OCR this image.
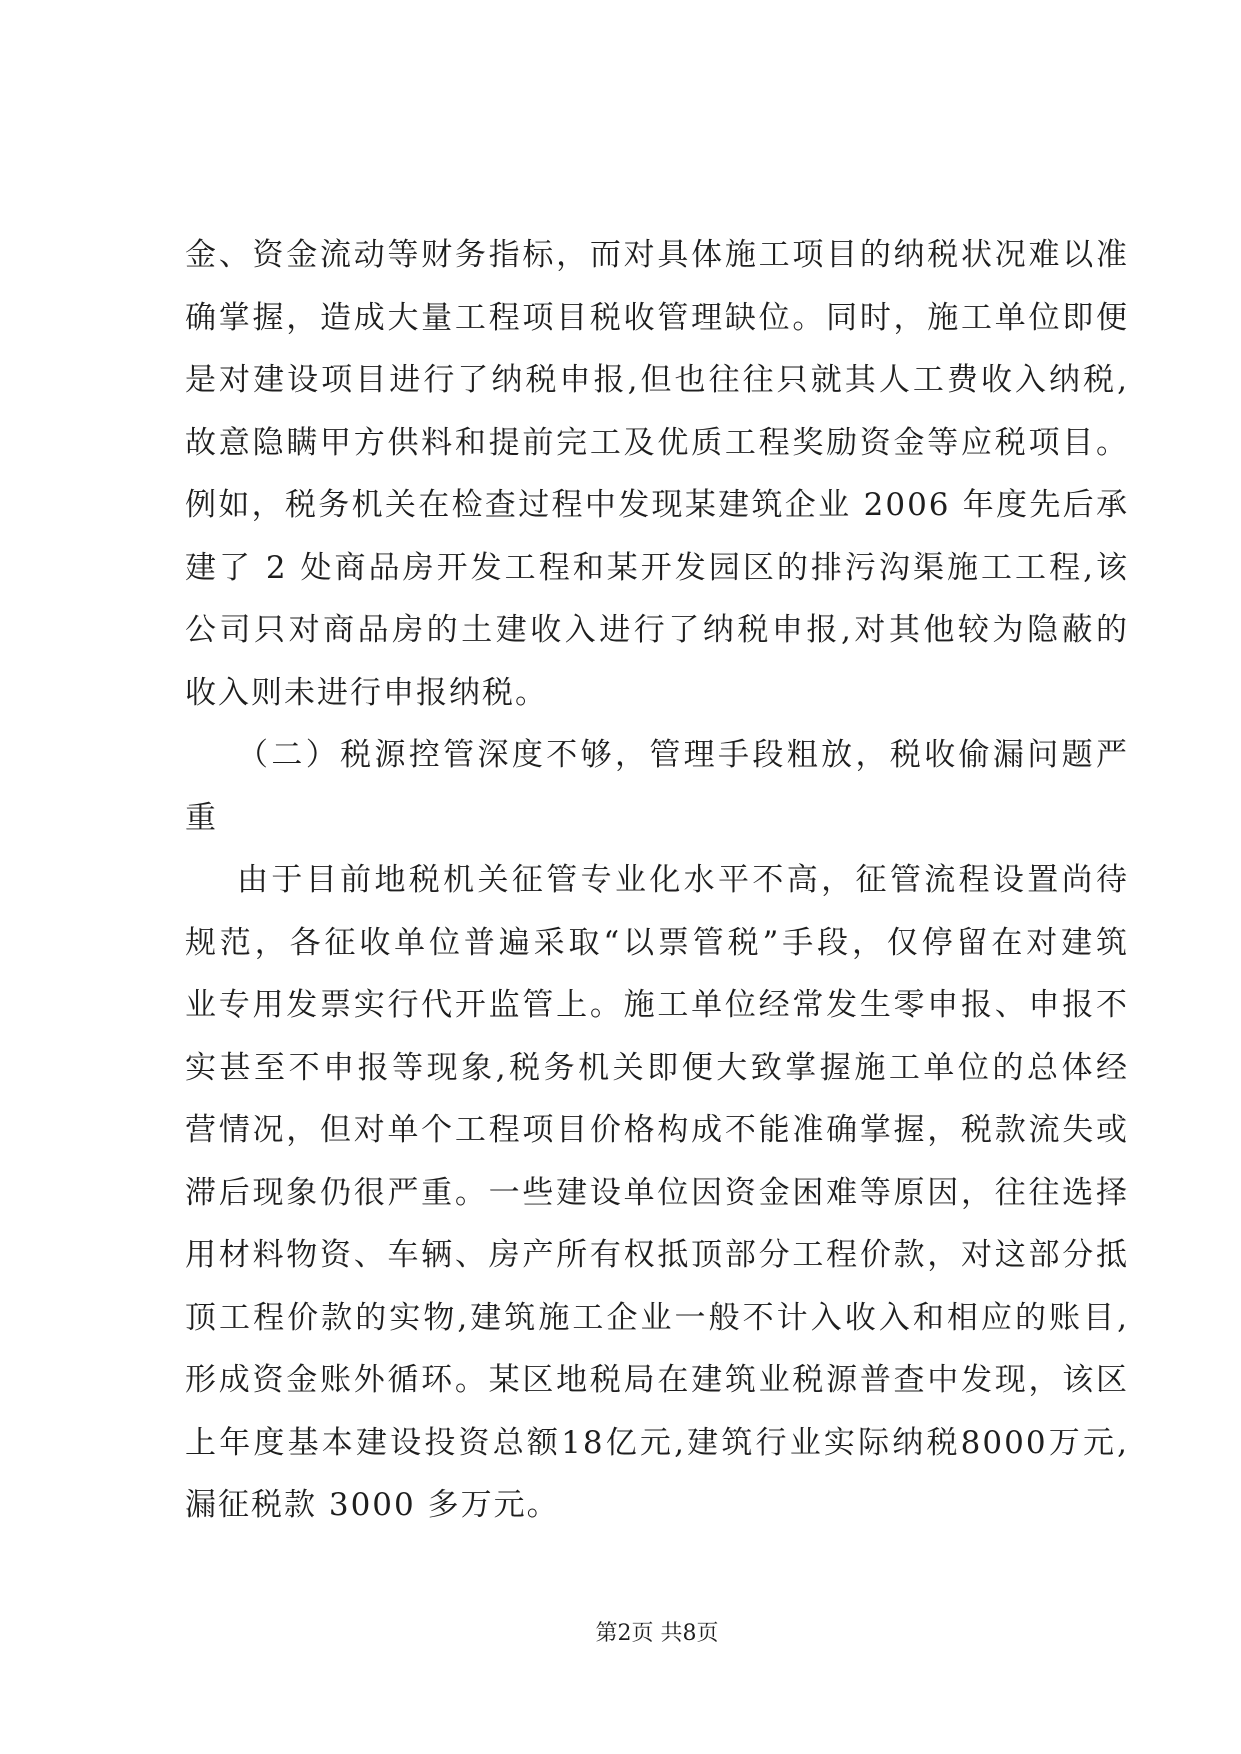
金、资金流动等财务指标，而对具体施工项目的纳税状况难以准
确掌握，造成大量工程项目税收管理缺位。同时，施工单位即便
是对建设项目进行了纳税申报,但也往往只就其人工费收入纳税,
故意隐瞒甲方供料和提前完工及优质工程奖励资金等应税项目。
例如，税务机关在检查过程中发现某建筑企业 2006 年度先后承
建了 2 处商品房开发工程和某开发园区的排污沟渠施工工程,该
公司只对商品房的土建收入进行了纳税申报,对其他较为隐蔽的
收入则未进行申报纳税。
（二）税源控管深度不够，管理手段粗放，税收偷漏问题严
重
由于目前地税机关征管专业化水平不高，征管流程设置尚待
规范，各征收单位普遍采取“以票管税”手段，仅停留在对建筑
业专用发票实行代开监管上。施工单位经常发生零申报、申报不
实甚至不申报等现象,税务机关即便大致掌握施工单位的总体经
营情况，但对单个工程项目价格构成不能准确掌握，税款流失或
滞后现象仍很严重。一些建设单位因资金困难等原因，往往选择
用材料物资、车辆、房产所有权抵顶部分工程价款，对这部分抵
顶工程价款的实物,建筑施工企业一般不计入收入和相应的账目,
形成资金账外循环。某区地税局在建筑业税源普查中发现，该区
上年度基本建设投资总额18亿元,建筑行业实际纳税8000万元,
漏征税款 3000 多万元。
第2页 共8页
